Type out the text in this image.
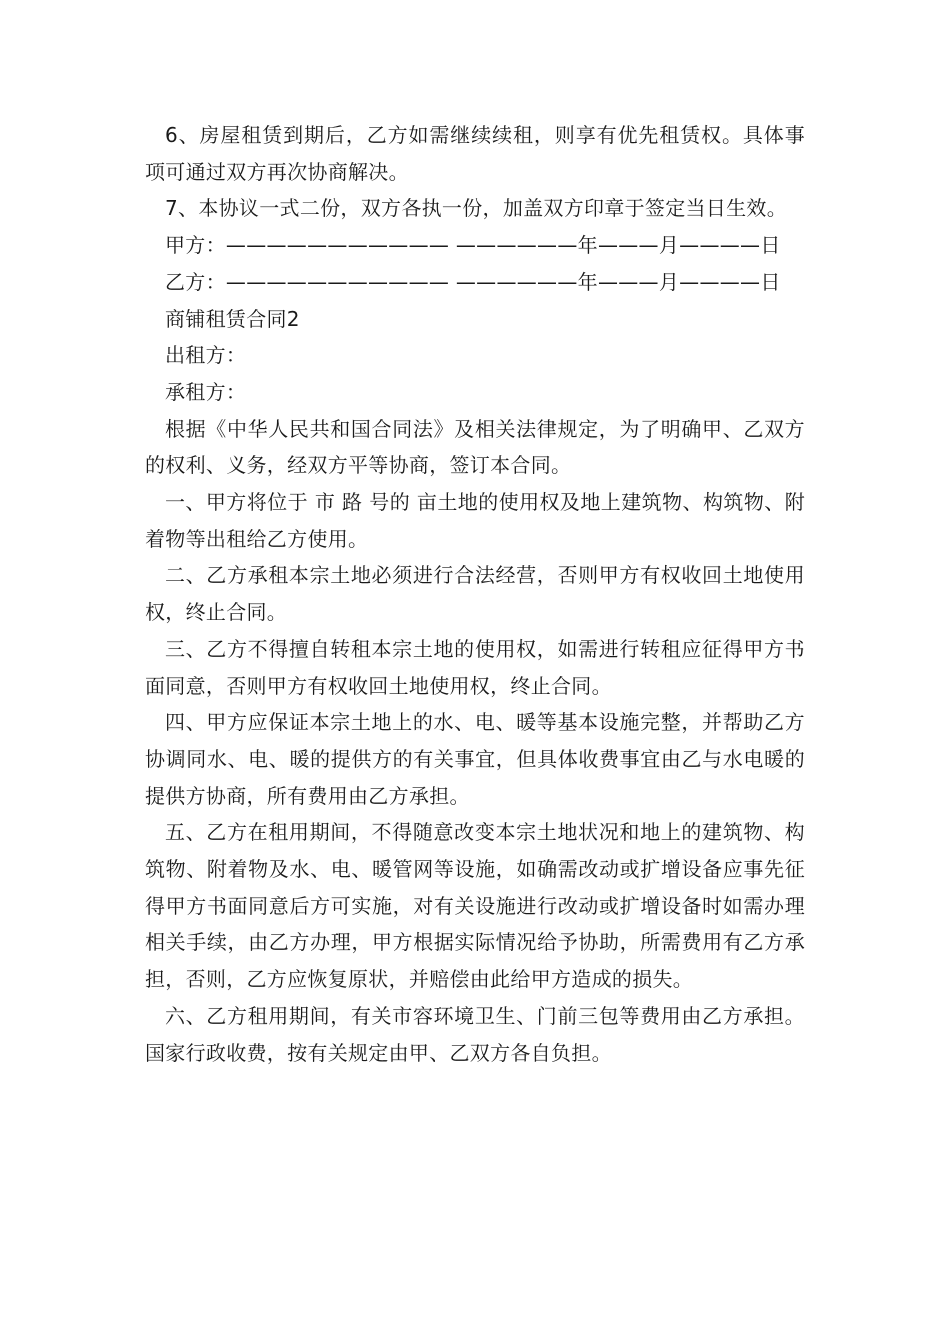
6、房屋租赁到期后，乙方如需继续续租，则享有优先租赁权。具体事项可通过双方再次协商解决。

7、本协议一式二份，双方各执一份，加盖双方印章于签定当日生效。

甲方：——————————— ——————年———月————日

乙方：——————————— ——————年———月————日

商铺租赁合同2

出租方：

承租方：

根据《中华人民共和国合同法》及相关法律规定，为了明确甲、乙双方的权利、义务，经双方平等协商，签订本合同。

一、甲方将位于 市 路 号的 亩土地的使用权及地上建筑物、构筑物、附着物等出租给乙方使用。

二、乙方承租本宗土地必须进行合法经营，否则甲方有权收回土地使用权，终止合同。

三、乙方不得擅自转租本宗土地的使用权，如需进行转租应征得甲方书面同意，否则甲方有权收回土地使用权，终止合同。

四、甲方应保证本宗土地上的水、电、暖等基本设施完整，并帮助乙方协调同水、电、暖的提供方的有关事宜，但具体收费事宜由乙与水电暖的提供方协商，所有费用由乙方承担。

五、乙方在租用期间，不得随意改变本宗土地状况和地上的建筑物、构筑物、附着物及水、电、暖管网等设施，如确需改动或扩增设备应事先征得甲方书面同意后方可实施，对有关设施进行改动或扩增设备时如需办理相关手续，由乙方办理，甲方根据实际情况给予协助，所需费用有乙方承担，否则，乙方应恢复原状，并赔偿由此给甲方造成的损失。

六、乙方租用期间，有关市容环境卫生、门前三包等费用由乙方承担。国家行政收费，按有关规定由甲、乙双方各自负担。
